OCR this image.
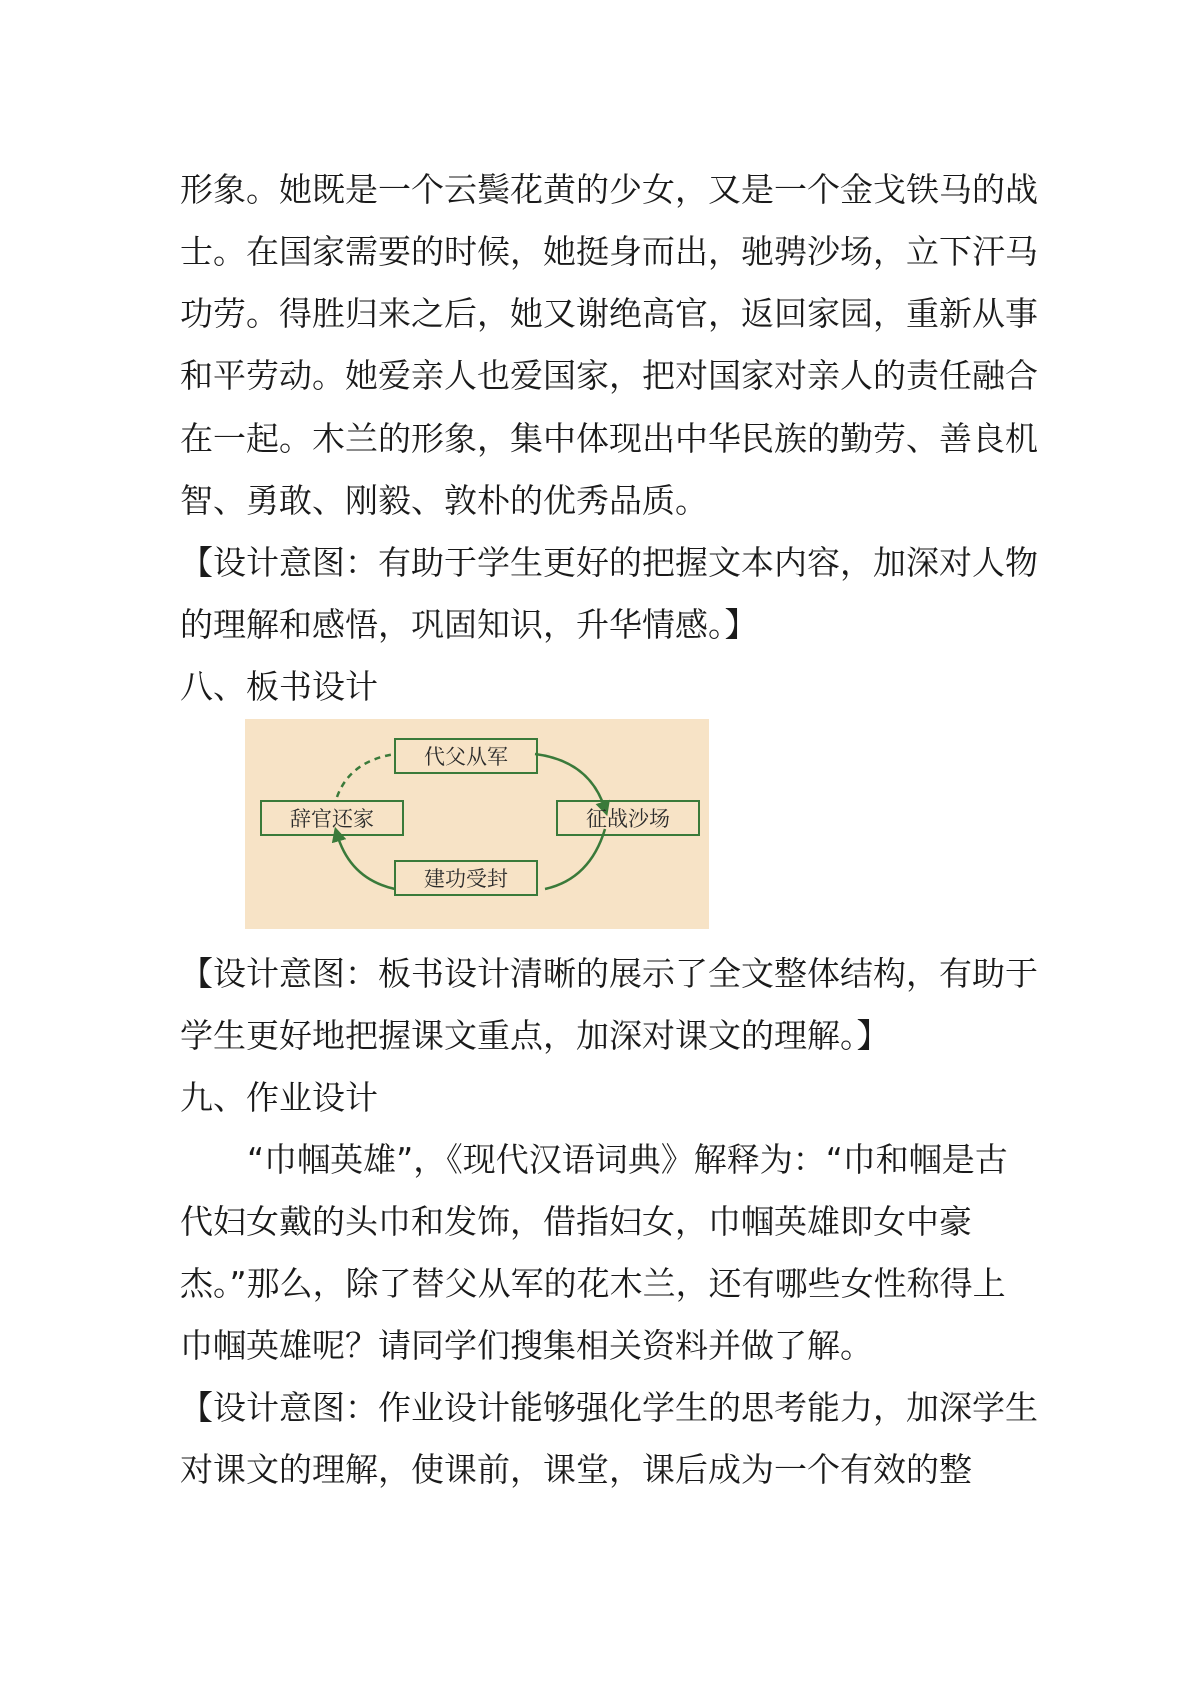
形象。她既是一个云鬓花黄的少女，又是一个金戈铁马的战
士。在国家需要的时候，她挺身而出，驰骋沙场，立下汗马
功劳。得胜归来之后，她又谢绝高官，返回家园，重新从事
和平劳动。她爱亲人也爱国家，把对国家对亲人的责任融合
在一起。木兰的形象，集中体现出中华民族的勤劳、善良机
智、勇敢、刚毅、敦朴的优秀品质。
【设计意图：有助于学生更好的把握文本内容，加深对人物
的理解和感悟，巩固知识，升华情感。】
八、板书设计
代父从军
征战沙场
建功受封
辞官还家
【设计意图：板书设计清晰的展示了全文整体结构，有助于
学生更好地把握课文重点，加深对课文的理解。】
九、作业设计
“巾帼英雄”，《现代汉语词典》解释为：“巾和帼是古
代妇女戴的头巾和发饰，借指妇女，巾帼英雄即女中豪
杰。”那么，除了替父从军的花木兰，还有哪些女性称得上
巾帼英雄呢？请同学们搜集相关资料并做了解。
【设计意图：作业设计能够强化学生的思考能力，加深学生
对课文的理解，使课前，课堂，课后成为一个有效的整
